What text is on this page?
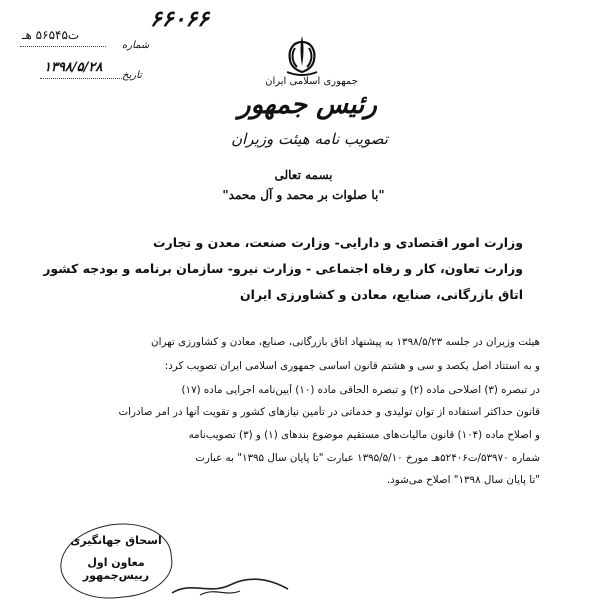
۶۶۰۶۶
شماره
ت۵۶۵۴۵ هـ
۱۳۹۸/۵/۲۸
تاریخ
جمهوری اسلامی ایران
رئیس جمهور
تصویب نامه هیئت وزیران
بسمه تعالی
"با صلوات بر محمد و آل محمد"
وزارت امور اقتصادی و دارایی- وزارت صنعت، معدن و تجارت
وزارت تعاون، کار و رفاه اجتماعی - وزارت نیرو- سازمان برنامه و بودجه کشور
اتاق بازرگانی، صنایع، معادن و کشاورزی ایران
هیئت وزیران در جلسه ۱۳۹۸/۵/۲۳ به پیشنهاد اتاق بازرگانی، صنایع، معادن و کشاورزی تهران
و به استناد اصل یکصد و سی و هشتم قانون اساسی جمهوری اسلامی ایران تصویب کرد:
در تبصره (۳) اصلاحی ماده (۲) و تبصره الحاقی ماده (۱۰) آیین‌نامه اجرایی ماده (۱۷)
قانون حداکثر استفاده از توان تولیدی و خدماتی در تأمین نیازهای کشور و تقویت آنها در امر صادرات
و اصلاح ماده (۱۰۴) قانون مالیات‌های مستقیم موضوع بندهای (۱) و (۳) تصویب‌نامه
شماره ۵۳۹۷۰/ت۵۲۴۰۶هـ مورخ ۱۳۹۵/۵/۱۰ عبارت "تا پایان سال ۱۳۹۵" به عبارت
"تا پایان سال ۱۳۹۸" اصلاح می‌شود.
اسحاق جهانگیری
معاون اول رییس‌جمهور
